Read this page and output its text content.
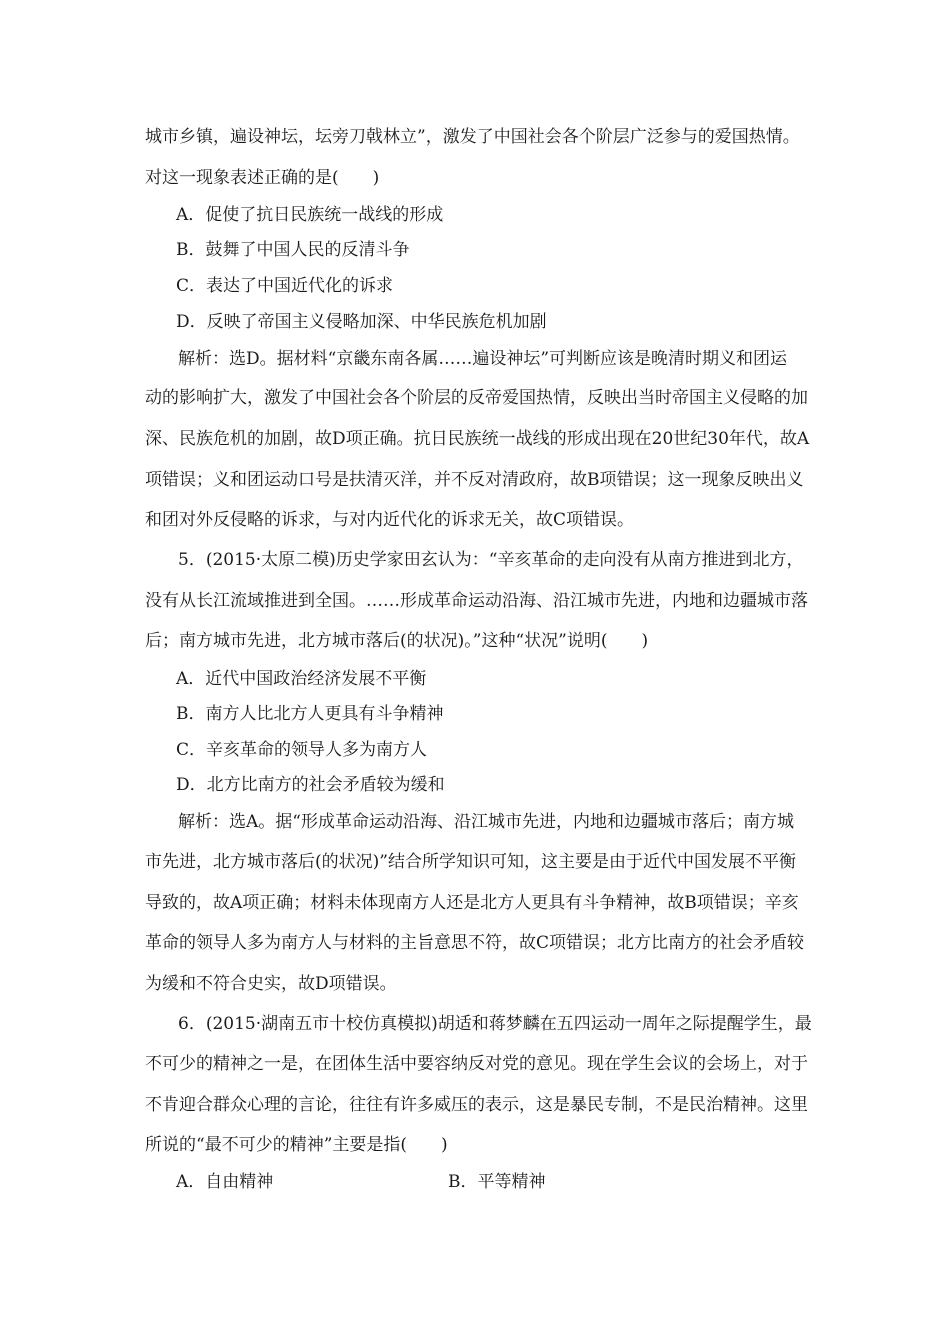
城市乡镇，遍设神坛，坛旁刀戟林立”，激发了中国社会各个阶层广泛参与的爱国热情。
对这一现象表述正确的是(　　)
A．促使了抗日民族统一战线的形成
B．鼓舞了中国人民的反清斗争
C．表达了中国近代化的诉求
D．反映了帝国主义侵略加深、中华民族危机加剧
解析：选D。据材料“京畿东南各属……遍设神坛”可判断应该是晚清时期义和团运
动的影响扩大，激发了中国社会各个阶层的反帝爱国热情，反映出当时帝国主义侵略的加
深、民族危机的加剧，故D项正确。抗日民族统一战线的形成出现在20世纪30年代，故A
项错误；义和团运动口号是扶清灭洋，并不反对清政府，故B项错误；这一现象反映出义
和团对外反侵略的诉求，与对内近代化的诉求无关，故C项错误。
5．(2015·太原二模)历史学家田玄认为：“辛亥革命的走向没有从南方推进到北方，
没有从长江流域推进到全国。……形成革命运动沿海、沿江城市先进，内地和边疆城市落
后；南方城市先进，北方城市落后(的状况)。”这种“状况”说明(　　)
A．近代中国政治经济发展不平衡
B．南方人比北方人更具有斗争精神
C．辛亥革命的领导人多为南方人
D．北方比南方的社会矛盾较为缓和
解析：选A。据“形成革命运动沿海、沿江城市先进，内地和边疆城市落后；南方城
市先进，北方城市落后(的状况)”结合所学知识可知，这主要是由于近代中国发展不平衡
导致的，故A项正确；材料未体现南方人还是北方人更具有斗争精神，故B项错误；辛亥
革命的领导人多为南方人与材料的主旨意思不符，故C项错误；北方比南方的社会矛盾较
为缓和不符合史实，故D项错误。
6．(2015·湖南五市十校仿真模拟)胡适和蒋梦麟在五四运动一周年之际提醒学生，最
不可少的精神之一是，在团体生活中要容纳反对党的意见。现在学生会议的会场上，对于
不肯迎合群众心理的言论，往往有许多威压的表示，这是暴民专制，不是民治精神。这里
所说的“最不可少的精神”主要是指(　　)
A．自由精神	B．平等精神
